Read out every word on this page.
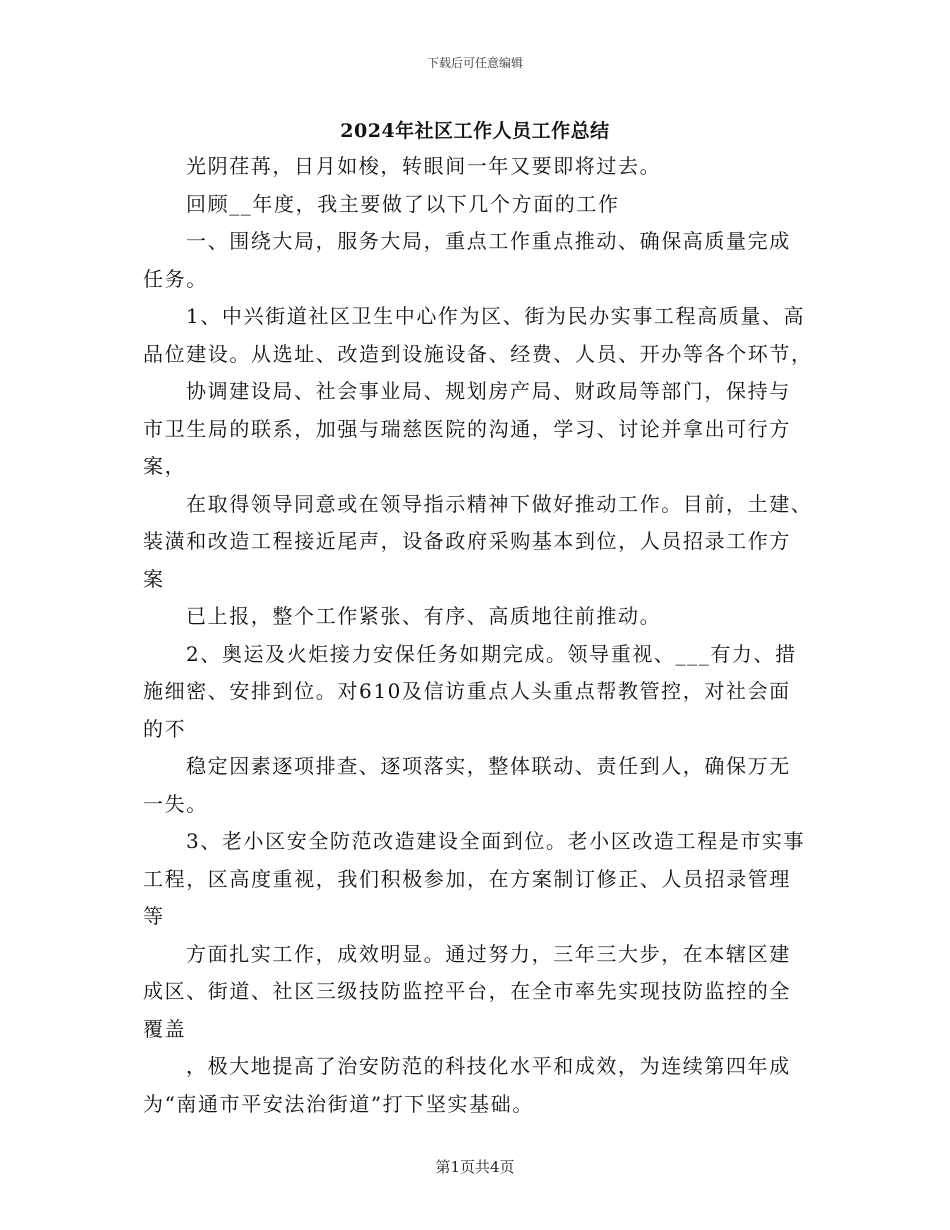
下载后可任意编辑
2024年社区工作人员工作总结
光阴荏苒，日月如梭，转眼间一年又要即将过去。
回顾__年度，我主要做了以下几个方面的工作
一、围绕大局，服务大局，重点工作重点推动、确保高质量完成
任务。
1、中兴街道社区卫生中心作为区、街为民办实事工程高质量、高
品位建设。从选址、改造到设施设备、经费、人员、开办等各个环节，
协调建设局、社会事业局、规划房产局、财政局等部门，保持与
市卫生局的联系，加强与瑞慈医院的沟通，学习、讨论并拿出可行方
案，
在取得领导同意或在领导指示精神下做好推动工作。目前，土建、
装潢和改造工程接近尾声，设备政府采购基本到位，人员招录工作方
案
已上报，整个工作紧张、有序、高质地往前推动。
2、奥运及火炬接力安保任务如期完成。领导重视、___有力、措
施细密、安排到位。对610及信访重点人头重点帮教管控，对社会面
的不
稳定因素逐项排查、逐项落实，整体联动、责任到人，确保万无
一失。
3、老小区安全防范改造建设全面到位。老小区改造工程是市实事
工程，区高度重视，我们积极参加，在方案制订修正、人员招录管理
等
方面扎实工作，成效明显。通过努力，三年三大步，在本辖区建
成区、街道、社区三级技防监控平台，在全市率先实现技防监控的全
覆盖
，极大地提高了治安防范的科技化水平和成效，为连续第四年成
为“南通市平安法治街道”打下坚实基础。
第1页共4页
